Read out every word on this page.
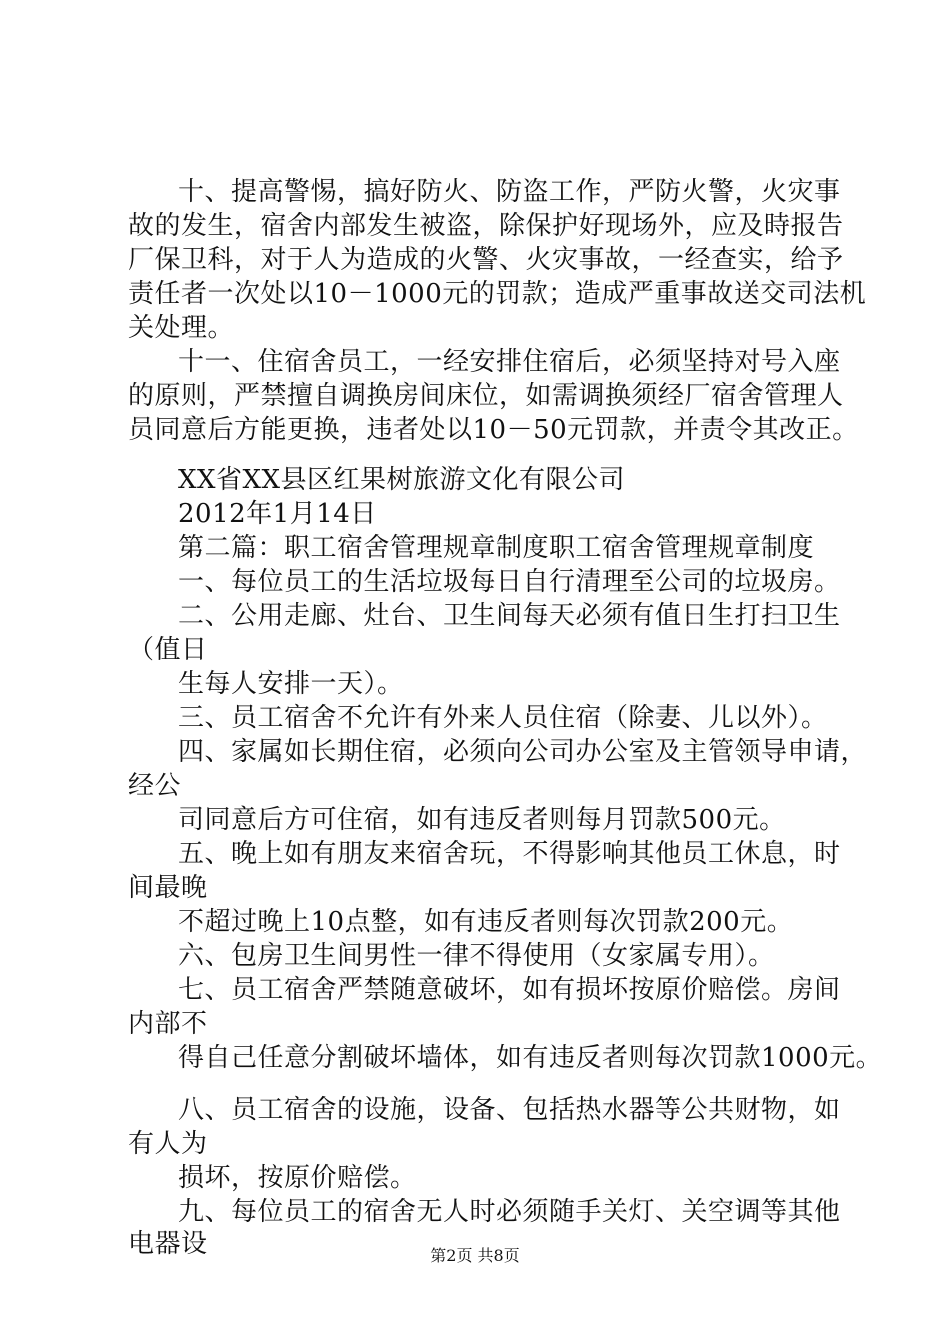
十、提高警惕，搞好防火、防盗工作，严防火警，火灾事
故的发生，宿舍内部发生被盗，除保护好现场外，应及時报告
厂保卫科，对于人为造成的火警、火灾事故，一经查实，给予
责任者一次处以10－1000元的罚款；造成严重事故送交司法机
关处理。
十一、住宿舍员工，一经安排住宿后，必须坚持对号入座
的原则，严禁擅自调换房间床位，如需调换须经厂宿舍管理人
员同意后方能更换，违者处以10－50元罚款，并责令其改正。
XX省XX县区红果树旅游文化有限公司
2012年1月14日
第二篇：职工宿舍管理规章制度职工宿舍管理规章制度
一、每位员工的生活垃圾每日自行清理至公司的垃圾房。
二、公用走廊、灶台、卫生间每天必须有值日生打扫卫生
（值日
生每人安排一天）。
三、员工宿舍不允许有外来人员住宿（除妻、儿以外）。
四、家属如长期住宿，必须向公司办公室及主管领导申请，
经公
司同意后方可住宿，如有违反者则每月罚款500元。
五、晚上如有朋友来宿舍玩，不得影响其他员工休息，时
间最晚
不超过晚上10点整，如有违反者则每次罚款200元。
六、包房卫生间男性一律不得使用（女家属专用）。
七、员工宿舍严禁随意破坏，如有损坏按原价赔偿。房间
内部不
得自己任意分割破坏墙体，如有违反者则每次罚款1000元。
八、员工宿舍的设施，设备、包括热水器等公共财物，如
有人为
损坏，按原价赔偿。
九、每位员工的宿舍无人时必须随手关灯、关空调等其他
电器设	第2页 共8页
